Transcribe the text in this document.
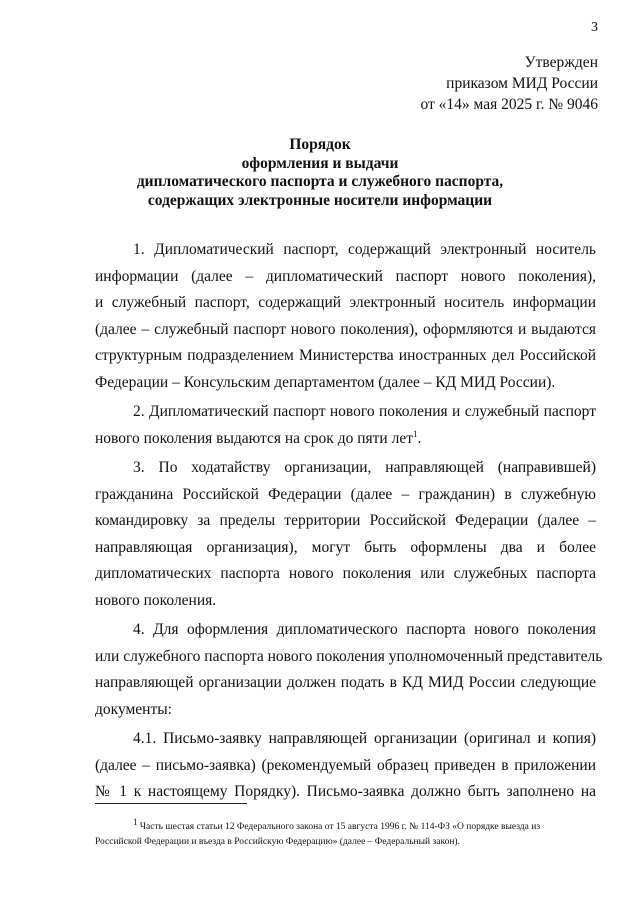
3
Утвержден
приказом МИД России
от «14» мая 2025 г. № 9046
Порядок
оформления и выдачи
дипломатического паспорта и служебного паспорта,
содержащих электронные носители информации
1. Дипломатический паспорт, содержащий электронный носитель
информации (далее – дипломатический паспорт нового поколения),
и служебный паспорт, содержащий электронный носитель информации
(далее – служебный паспорт нового поколения), оформляются и выдаются
структурным подразделением Министерства иностранных дел Российской
Федерации – Консульским департаментом (далее – КД МИД России).
2. Дипломатический паспорт нового поколения и служебный паспорт
нового поколения выдаются на срок до пяти лет$^1$.
3. По ходатайству организации, направляющей (направившей)
гражданина Российской Федерации (далее – гражданин) в служебную
командировку за пределы территории Российской Федерации (далее –
направляющая организация), могут быть оформлены два и более
дипломатических паспорта нового поколения или служебных паспорта
нового поколения.
4. Для оформления дипломатического паспорта нового поколения
или служебного паспорта нового поколения уполномоченный представитель
направляющей организации должен подать в КД МИД России следующие
документы:
4.1. Письмо-заявку направляющей организации (оригинал и копия)
(далее – письмо-заявка) (рекомендуемый образец приведен в приложении
№ 1 к настоящему Порядку). Письмо-заявка должно быть заполнено на
$^1$ Часть шестая статьи 12 Федерального закона от 15 августа 1996 г. № 114-ФЗ «О порядке выезда из
Российской Федерации и въезда в Российскую Федерацию» (далее – Федеральный закон).
